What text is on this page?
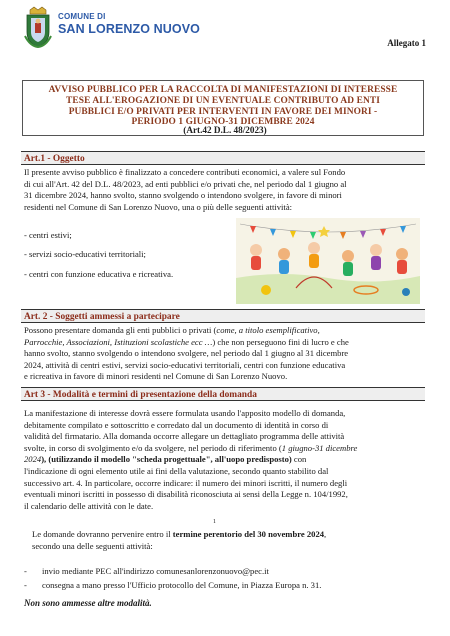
COMUNE DI
SAN LORENZO NUOVO
Allegato 1
AVVISO PUBBLICO PER LA RACCOLTA DI MANIFESTAZIONI DI INTERESSE
TESE ALL'EROGAZIONE DI UN EVENTUALE CONTRIBUTO AD ENTI
PUBBLICI E/O PRIVATI PER INTERVENTI IN FAVORE DEI MINORI -
PERIODO 1 GIUGNO-31 DICEMBRE 2024
(Art.42 D.L. 48/2023)
Art.1 - Oggetto
Il presente avviso pubblico è finalizzato a concedere contributi economici, a valere sul Fondo
di cui all'Art. 42 del D.L. 48/2023, ad enti pubblici e/o privati che, nel periodo dal 1 giugno al
31 dicembre 2024, hanno svolto, stanno svolgendo o intendono svolgere, in favore di minori
residenti nel Comune di San Lorenzo Nuovo, una o più delle seguenti attività:
- centri estivi;
- servizi socio-educativi territoriali;
- centri con funzione educativa e ricreativa.
Art. 2 - Soggetti ammessi a partecipare
Possono presentare domanda gli enti pubblici o privati (come, a titolo esemplificativo,
Parrocchie, Associazioni, Istituzioni scolastiche ecc …) che non perseguono fini di lucro e che
hanno svolto, stanno svolgendo o intendono svolgere, nel periodo dal 1 giugno al 31 dicembre
2024, attività di centri estivi, servizi socio-educativi territoriali, centri con funzione educativa
e ricreativa in favore di minori residenti nel Comune di San Lorenzo Nuovo.
Art 3 - Modalità e termini di presentazione della domanda
La manifestazione di interesse dovrà essere formulata usando l'apposito modello di domanda,
debitamente compilato e sottoscritto e corredato dal un documento di identità in corso di
validità del firmatario. Alla domanda occorre allegare un dettagliato programma delle attività
svolte, in corso di svolgimento e/o da svolgere, nel periodo di riferimento (1 giugno-31 dicembre
2024), (utilizzando il modello "scheda progettuale", all'uopo predisposto) con
l'indicazione di ogni elemento utile ai fini della valutazione, secondo quanto stabilito dal
successivo art. 4. In particolare, occorre indicare: il numero dei minori iscritti, il numero degli
eventuali minori iscritti in possesso di disabilità riconosciuta ai sensi della Legge n. 104/1992,
il calendario delle attività con le date.
1
Le domande dovranno pervenire entro il termine perentorio del 30 novembre 2024,
secondo una delle seguenti attività:
- invio mediante PEC all'indirizzo comunesanlorenzonuovo@pec.it
- consegna a mano presso l'Ufficio protocollo del Comune, in Piazza Europa n. 31.
Non sono ammesse altre modalità.
